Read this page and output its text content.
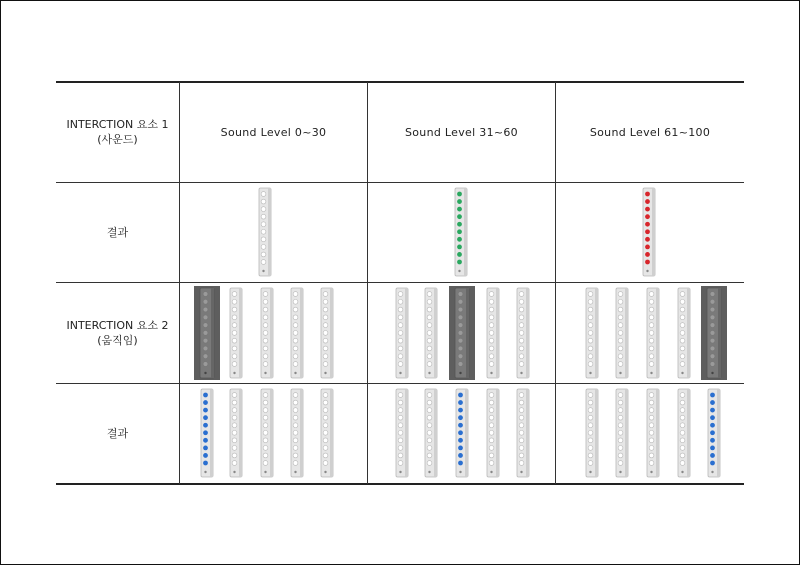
INTERCTION 요소 1
(사운드)
결과
INTERCTION 요소 2
(움직임)
결과
Sound Level 0~30	Sound Level 31~60	Sound Level 61~100
